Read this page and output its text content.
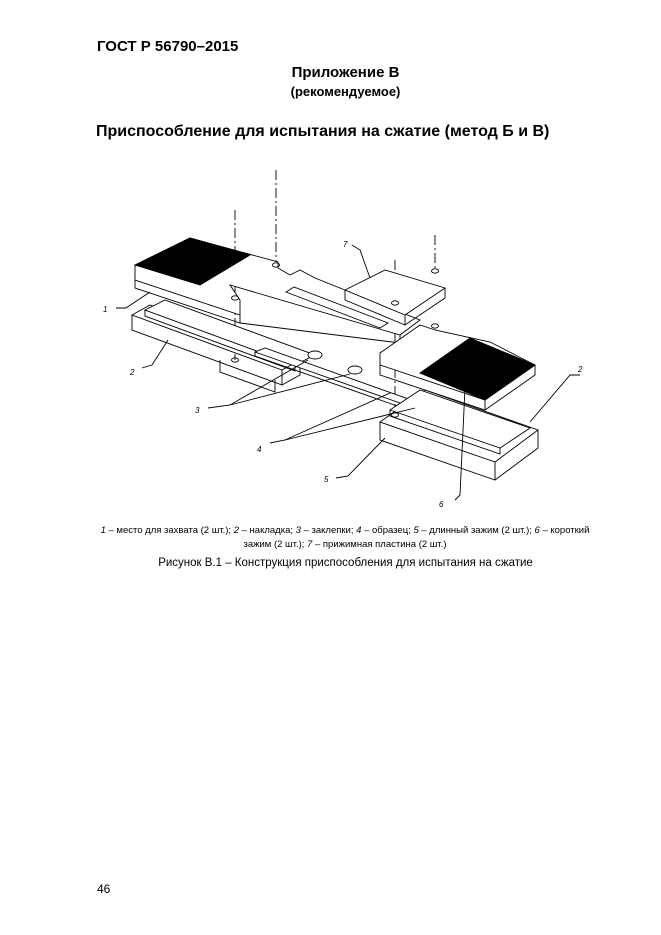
ГОСТ Р 56790–2015
Приложение В
(рекомендуемое)
Приспособление для испытания на сжатие (метод Б и В)
1
2
3
4
5
6
7
2
1 – место для захвата (2 шт.); 2 – накладка; 3 – заклепки; 4 – образец; 5 – длинный зажим (2 шт.); 6 – короткий зажим (2 шт.); 7 – прижимная пластина (2 шт.)
Рисунок В.1 – Конструкция приспособления для испытания на сжатие
46
